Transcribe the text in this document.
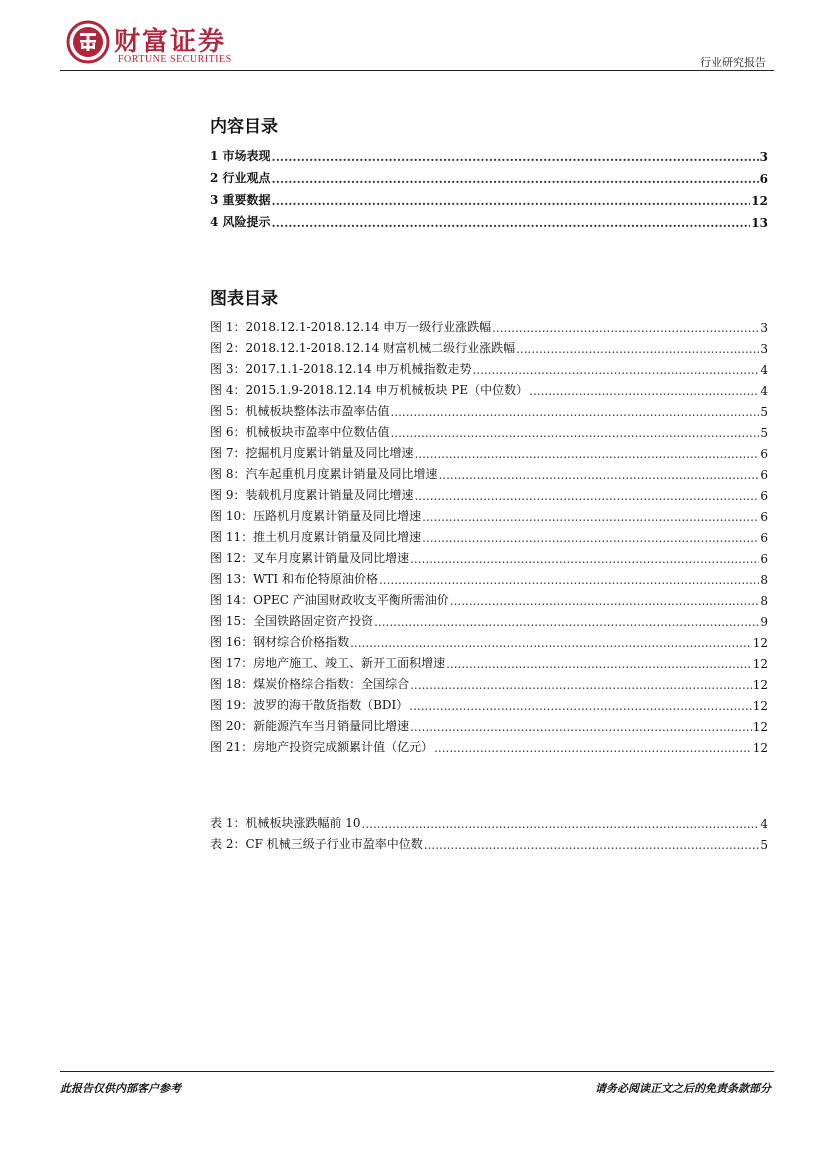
财富证券
FORTUNE SECURITIES	行业研究报告
内容目录
1 市场表现 .....	3
2 行业观点 .....	6
3 重要数据 .....	12
4 风险提示 .....	13
图表目录
图 1：2018.12.1-2018.12.14 申万一级行业涨跌幅 .....	3
图 2：2018.12.1-2018.12.14 财富机械二级行业涨跌幅 .....	3
图 3：2017.1.1-2018.12.14 申万机械指数走势 .....	4
图 4：2015.1.9-2018.12.14 申万机械板块 PE（中位数） .....	4
图 5：机械板块整体法市盈率估值 .....	5
图 6：机械板块市盈率中位数估值 .....	5
图 7：挖掘机月度累计销量及同比增速 .....	6
图 8：汽车起重机月度累计销量及同比增速 .....	6
图 9：装载机月度累计销量及同比增速 .....	6
图 10：压路机月度累计销量及同比增速 .....	6
图 11：推土机月度累计销量及同比增速 .....	6
图 12：叉车月度累计销量及同比增速 .....	6
图 13：WTI 和布伦特原油价格 .....	8
图 14：OPEC 产油国财政收支平衡所需油价 .....	8
图 15：全国铁路固定资产投资 .....	9
图 16：钢材综合价格指数 .....	12
图 17：房地产施工、竣工、新开工面积增速 .....	12
图 18：煤炭价格综合指数：全国综合 .....	12
图 19：波罗的海干散货指数（BDI） .....	12
图 20：新能源汽车当月销量同比增速 .....	12
图 21：房地产投资完成额累计值（亿元） .....	12
表 1：机械板块涨跌幅前 10 .....	4
表 2：CF 机械三级子行业市盈率中位数 .....	5
此报告仅供内部客户参考	请务必阅读正文之后的免责条款部分
